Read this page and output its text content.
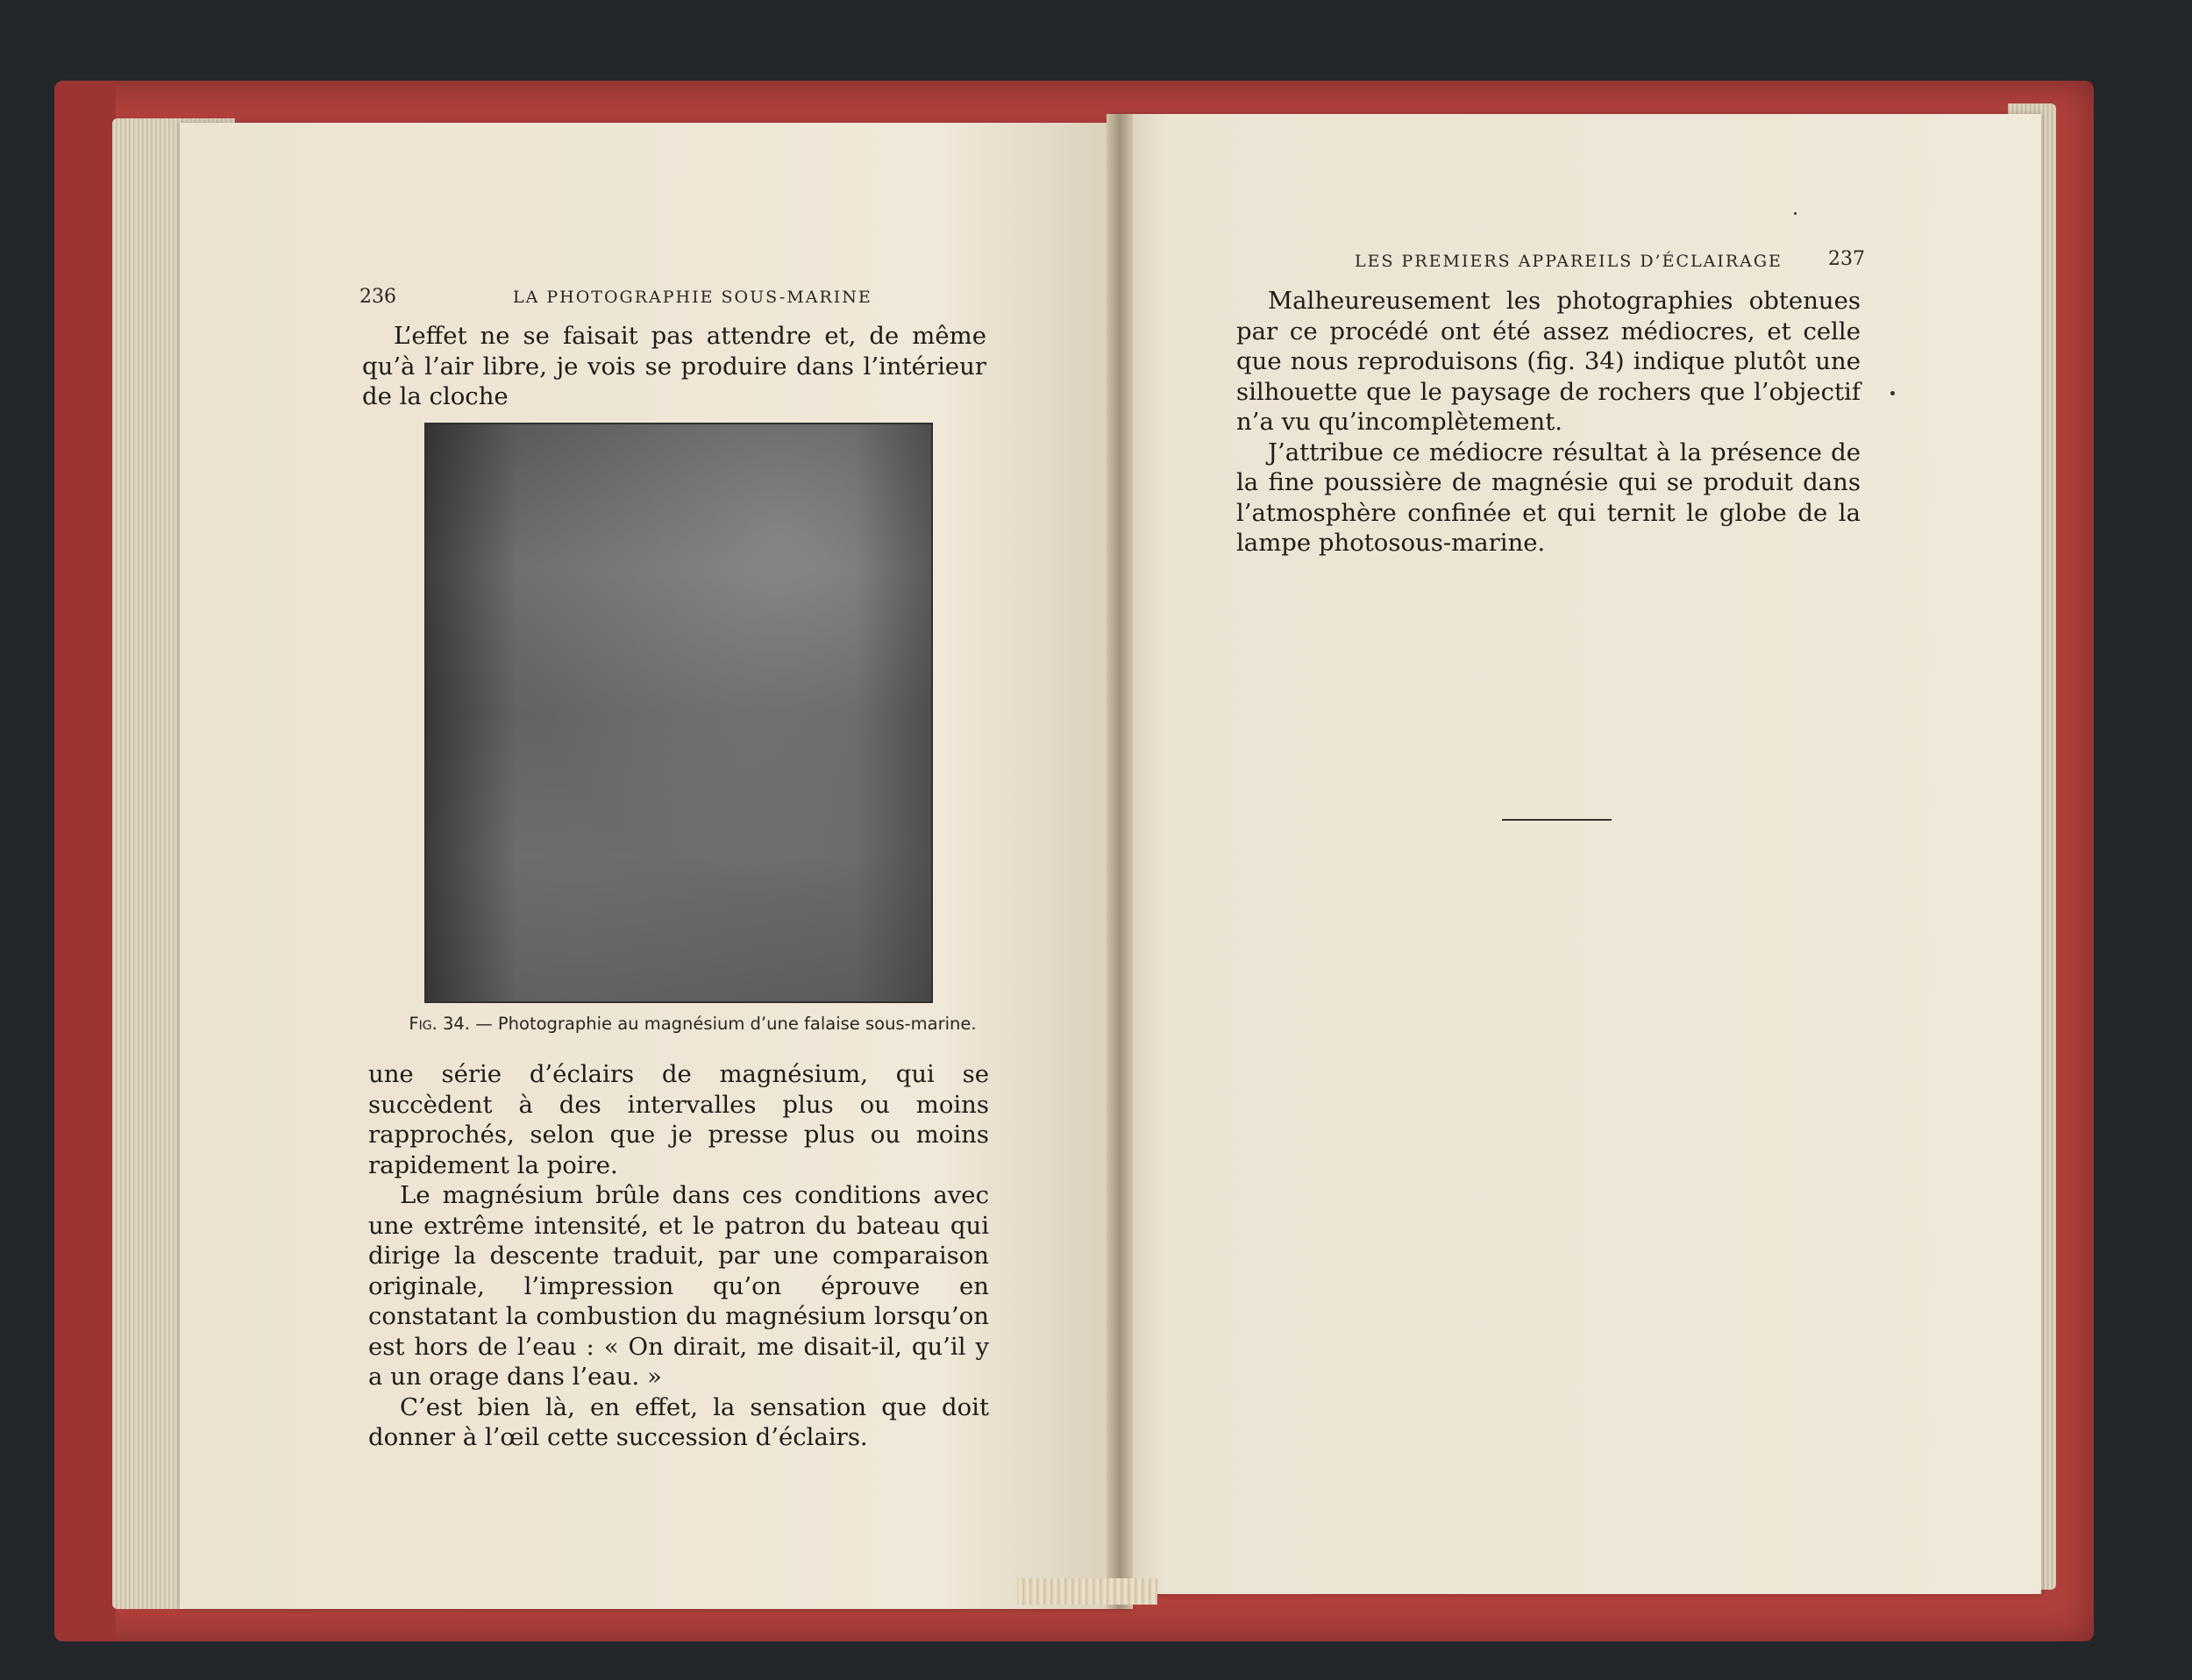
236	LA PHOTOGRAPHIE SOUS-MARINE

L’effet ne se faisait pas attendre et, de même qu’à l’air libre, je vois se produire dans l’intérieur de la cloche

Fig. 34. — Photographie au magnésium d’une falaise sous-marine.

une série d’éclairs de magnésium, qui se succèdent à des intervalles plus ou moins rapprochés, selon que je presse plus ou moins rapidement la poire.

Le magnésium brûle dans ces conditions avec une extrême intensité, et le patron du bateau qui dirige la descente traduit, par une comparaison originale, l’impression qu’on éprouve en constatant la combustion du magnésium lorsqu’on est hors de l’eau : « On dirait, me disait-il, qu’il y a un orage dans l’eau. »

C’est bien là, en effet, la sensation que doit donner à l’œil cette succession d’éclairs.

LES PREMIERS APPAREILS D’ÉCLAIRAGE 237

Malheureusement les photographies obtenues par ce procédé ont été assez médiocres, et celle que nous reproduisons (fig. 34) indique plutôt une silhouette que le paysage de rochers que l’objectif n’a vu qu’incomplètement.

J’attribue ce médiocre résultat à la présence de la fine poussière de magnésie qui se produit dans l’atmosphère confinée et qui ternit le globe de la lampe photosous-marine.
